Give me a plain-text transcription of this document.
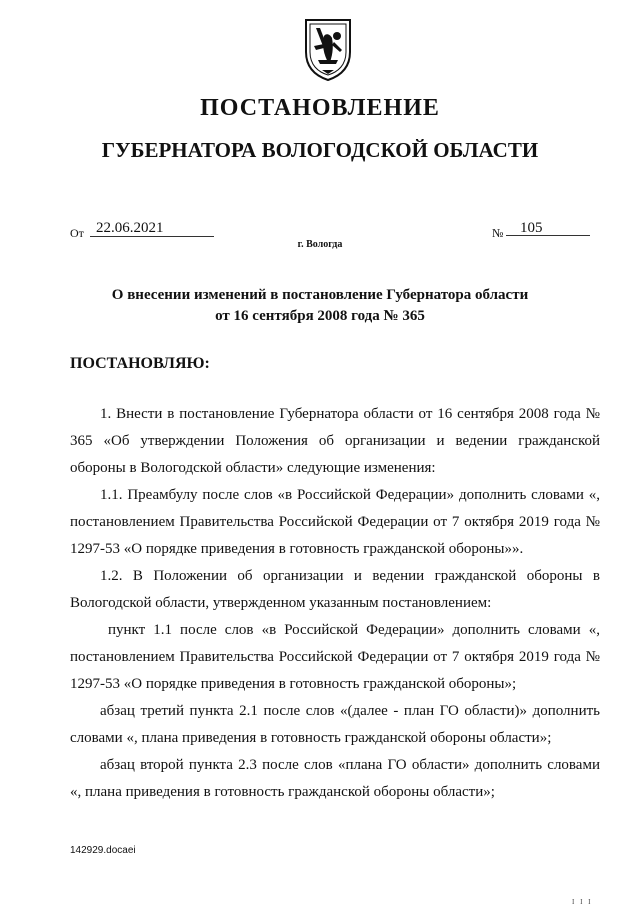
ПОСТАНОВЛЕНИЕ
ГУБЕРНАТОРА ВОЛОГОДСКОЙ ОБЛАСТИ
От 22.06.2021	№	105
г. Вологда
О внесении изменений в постановление Губернатора области
от 16 сентября 2008 года № 365
ПОСТАНОВЛЯЮ:

1. Внести в постановление Губернатора области от 16 сентября 2008 года № 365 «Об утверждении Положения об организации и ведении гражданской обороны в Вологодской области» следующие изменения:

1.1. Преамбулу после слов «в Российской Федерации» дополнить словами «, постановлением Правительства Российской Федерации от 7 октября 2019 года № 1297-53 «О порядке приведения в готовность гражданской обороны»».

1.2. В Положении об организации и ведении гражданской обороны в Вологодской области, утвержденном указанным постановлением:

пункт 1.1 после слов «в Российской Федерации» дополнить словами «, постановлением Правительства Российской Федерации от 7 октября 2019 года № 1297-53 «О порядке приведения в готовность гражданской обороны»;

абзац третий пункта 2.1 после слов «(далее - план ГО области)» дополнить словами «, плана приведения в готовность гражданской обороны области»;

абзац второй пункта 2.3 после слов «плана ГО области» дополнить словами «, плана приведения в готовность гражданской обороны области»;

142929.docaei
I I I
